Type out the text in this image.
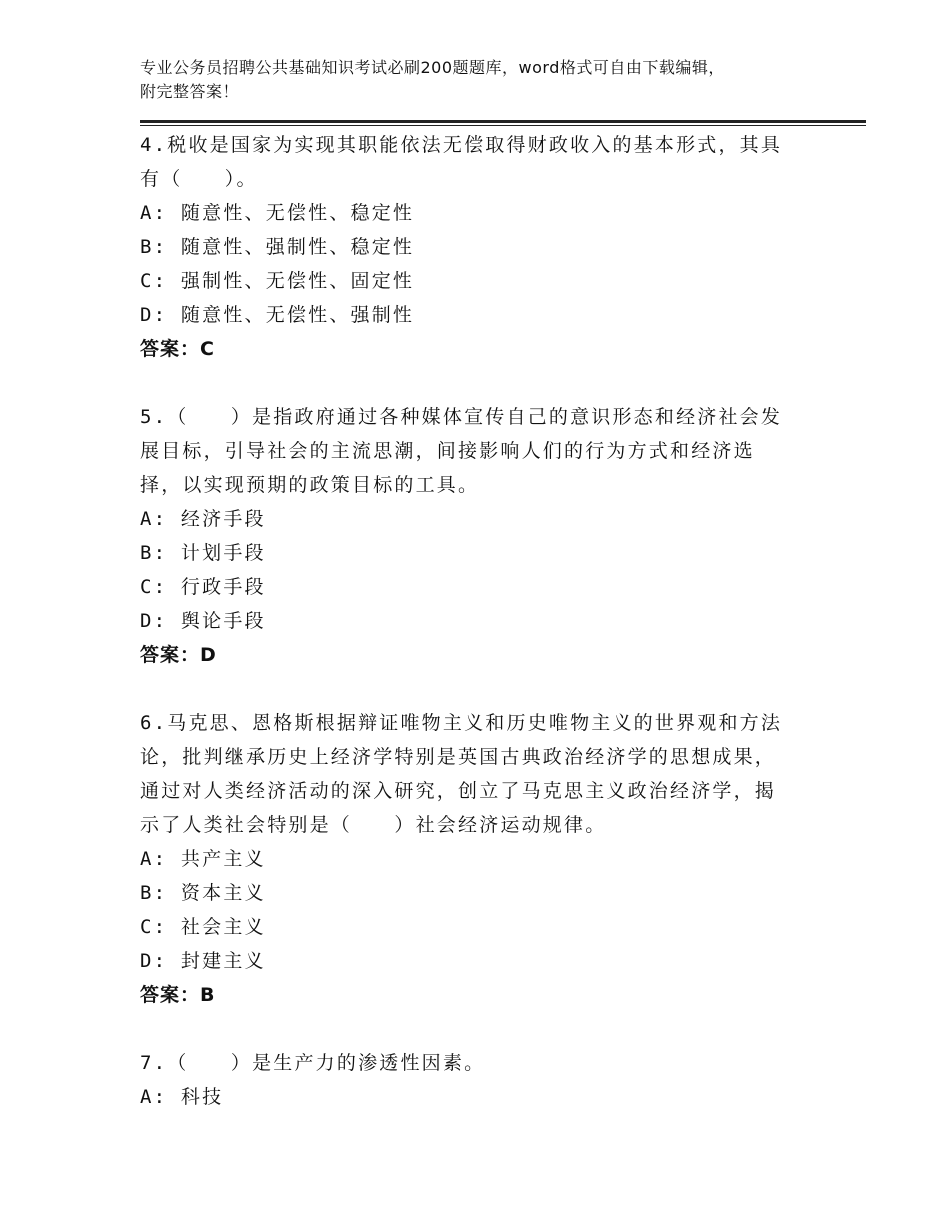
专业公务员招聘公共基础知识考试必刷200题题库，word格式可自由下载编辑，
附完整答案！
4.税收是国家为实现其职能依法无偿取得财政收入的基本形式，其具
有（　　）。
A: 随意性、无偿性、稳定性
B: 随意性、强制性、稳定性
C: 强制性、无偿性、固定性
D: 随意性、无偿性、强制性
答案：C
5.（　　）是指政府通过各种媒体宣传自己的意识形态和经济社会发
展目标，引导社会的主流思潮，间接影响人们的行为方式和经济选
择，以实现预期的政策目标的工具。
A: 经济手段
B: 计划手段
C: 行政手段
D: 舆论手段
答案：D
6.马克思、恩格斯根据辩证唯物主义和历史唯物主义的世界观和方法
论，批判继承历史上经济学特别是英国古典政治经济学的思想成果，
通过对人类经济活动的深入研究，创立了马克思主义政治经济学，揭
示了人类社会特别是（　　）社会经济运动规律。
A: 共产主义
B: 资本主义
C: 社会主义
D: 封建主义
答案：B
7.（　　）是生产力的渗透性因素。
A: 科技
